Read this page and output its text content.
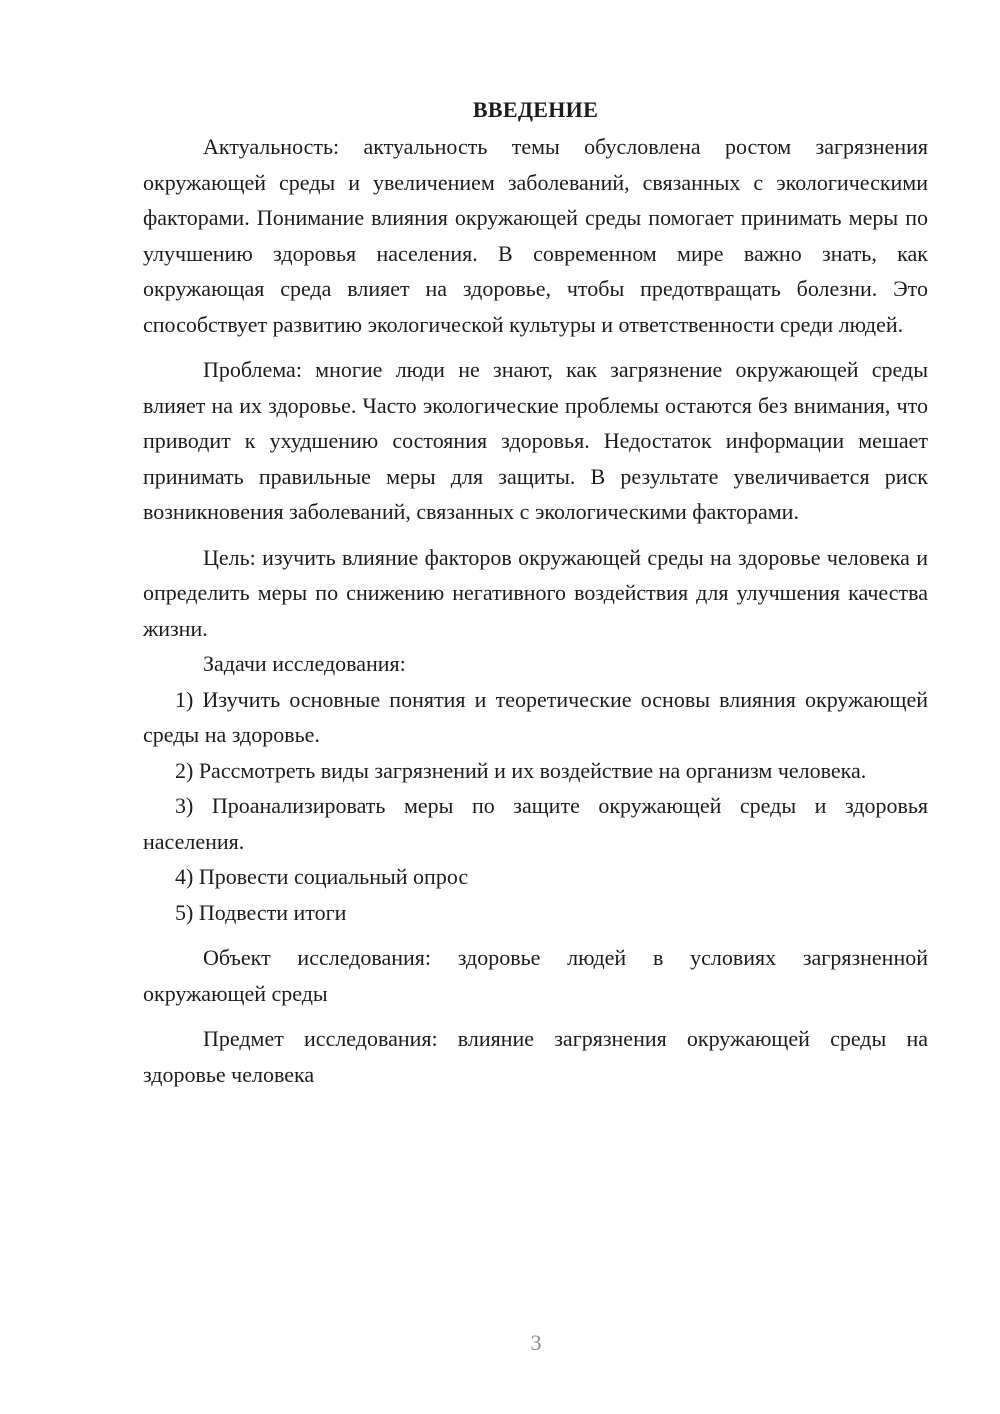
ВВЕДЕНИЕ

Актуальность: актуальность темы обусловлена ростом загрязнения окружающей среды и увеличением заболеваний, связанных с экологическими факторами. Понимание влияния окружающей среды помогает принимать меры по улучшению здоровья населения. В современном мире важно знать, как окружающая среда влияет на здоровье, чтобы предотвращать болезни. Это способствует развитию экологической культуры и ответственности среди людей.

Проблема: многие люди не знают, как загрязнение окружающей среды влияет на их здоровье. Часто экологические проблемы остаются без внимания, что приводит к ухудшению состояния здоровья. Недостаток информации мешает принимать правильные меры для защиты. В результате увеличивается риск возникновения заболеваний, связанных с экологическими факторами.

Цель: изучить влияние факторов окружающей среды на здоровье человека и определить меры по снижению негативного воздействия для улучшения качества жизни.

Задачи исследования:

1) Изучить основные понятия и теоретические основы влияния окружающей среды на здоровье.

2) Рассмотреть виды загрязнений и их воздействие на организм человека.

3) Проанализировать меры по защите окружающей среды и здоровья населения.

4) Провести социальный опрос

5) Подвести итоги

Объект исследования: здоровье людей в условиях загрязненной окружающей среды

Предмет исследования: влияние загрязнения окружающей среды на здоровье человека

3
